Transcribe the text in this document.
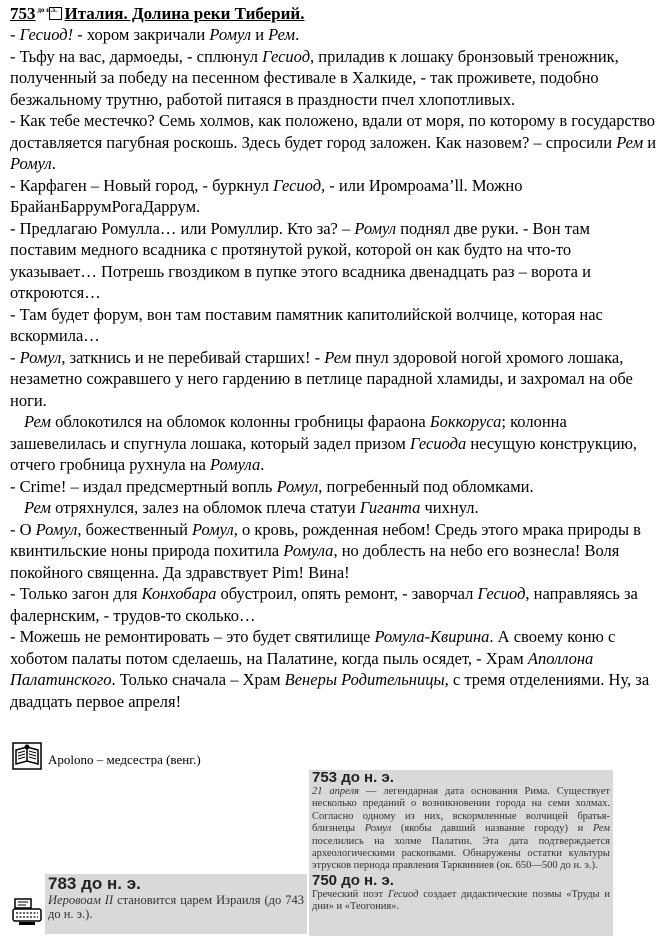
753 до н.э. Италия. Долина реки Тиберий.

- Гесиод! - хором закричали Ромул и Рем.

- Тьфу на вас, дармоеды, - сплюнул Гесиод, приладив к лошаку бронзовый треножник, полученный за победу на песенном фестивале в Халкиде, - так проживете, подобно безжальному трутню, работой питаяся в праздности пчел хлопотливых.

- Как тебе местечко? Семь холмов, как положено, вдали от моря, по которому в государство доставляется пагубная роскошь. Здесь будет город заложен. Как назовем? – спросили Рем и Ромул.

- Карфаген – Новый город, - буркнул Гесиод, - или Иромроама’ll. Можно БрайанБаррумРогаДаррум.

- Предлагаю Ромулла… или Ромуллир. Кто за? – Ромул поднял две руки. - Вон там поставим медного всадника с протянутой рукой, которой он как будто на что-то указывает… Потрешь гвоздиком в пупке этого всадника двенадцать раз – ворота и откроются…

- Там будет форум, вон там поставим памятник капитолийской волчице, которая нас вскормила…

- Ромул, заткнись и не перебивай старших! - Рем пнул здоровой ногой хромого лошака, незаметно сожравшего у него гардению в петлице парадной хламиды, и захромал на обе ноги.

Рем облокотился на обломок колонны гробницы фараона Боккоруса; колонна зашевелилась и спугнула лошака, который задел призом Гесиода несущую конструкцию, отчего гробница рухнула на Ромула.

- Crime! – издал предсмертный вопль Ромул, погребенный под обломками.

Рем отряхнулся, залез на обломок плеча статуи Гиганта чихнул.

- О Ромул, божественный Ромул, о кровь, рожденная небом! Средь этого мрака природы в квинтильские ноны природа похитила Ромула, но доблесть на небо его вознесла! Воля покойного священна. Да здравствует Pim! Вина!

- Только загон для Конхобара обустроил, опять ремонт, - заворчал Гесиод, направляясь за фалернским, - трудов-то сколько…

- Можешь не ремонтировать – это будет святилище Ромула-Квирина. А своему коню с хоботом палаты потом сделаешь, на Палатине, когда пыль осядет, - Храм Аполлона Палатинского. Только сначала – Храм Венеры Родительницы, с тремя отделениями. Ну, за двадцать первое апреля!

Apolono – медсестра (венг.)
753 до н. э.
21 апреля — легендарная дата основания Рима. Существует несколько преданий о возникновении города на семи холмах. Согласно одному из них, вскормленные волчицей братья-близнецы Ромул (якобы давший название городу) и Рем поселились на холме Палатин. Эта дата подтверждается археологическими раскопками. Обнаружены остатки культуры этрусков периода правления Тарквиниев (ок. 650—500 до н. э.).
750 до н. э.
Греческий поэт Гесиод создает дидактические поэмы «Труды и дни» и «Теогония».
783 до н. э.
Иеровоам II становится царем Израиля (до 743 до н. э.).
